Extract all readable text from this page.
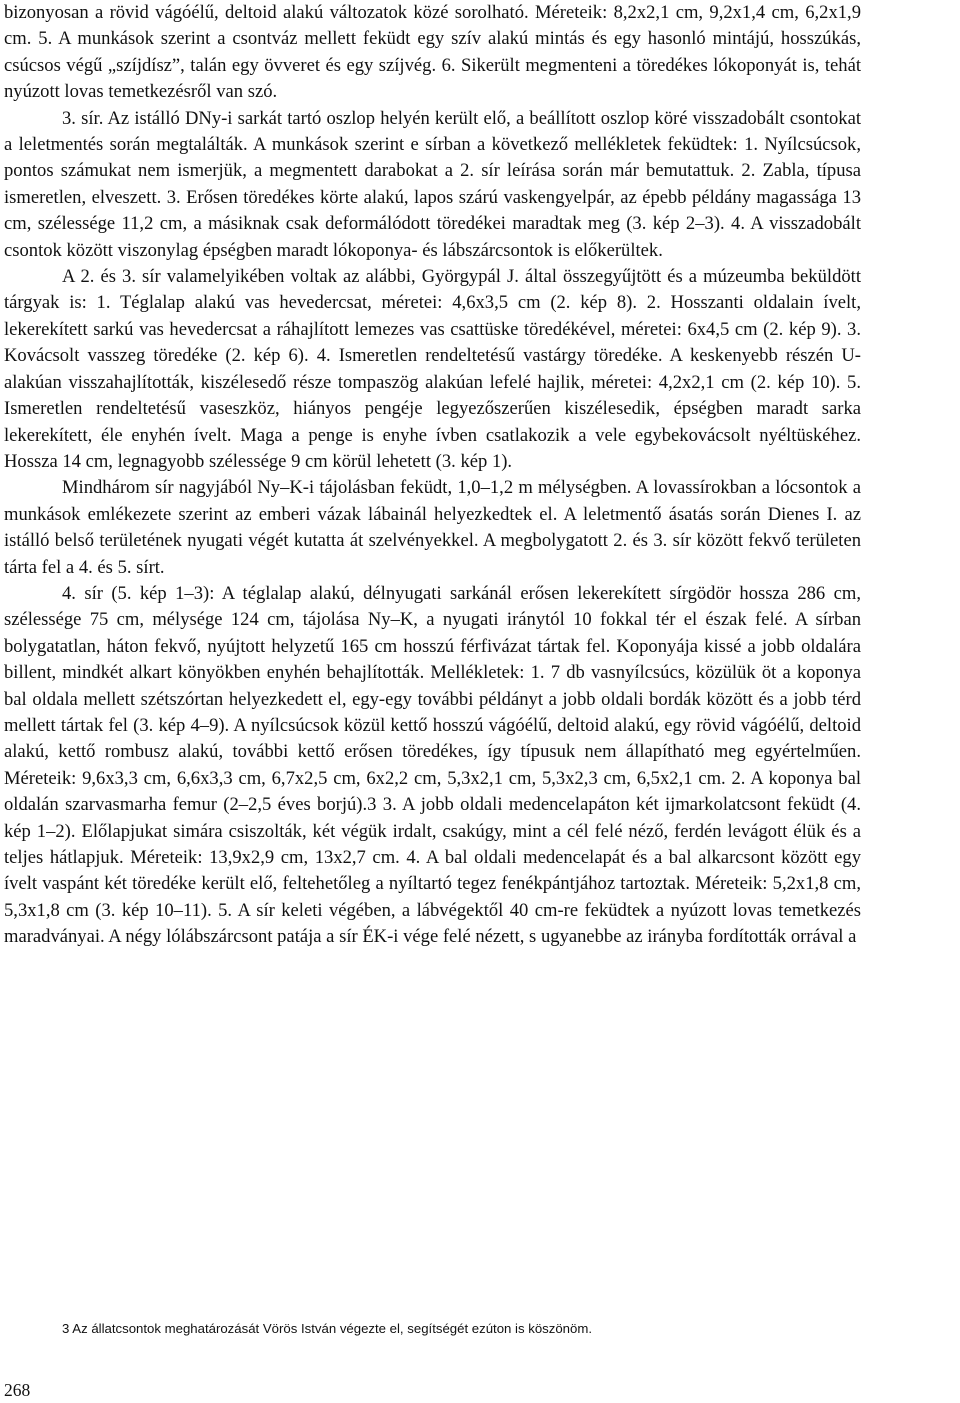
bizonyosan a rövid vágóélű, deltoid alakú változatok közé sorolható. Méreteik: 8,2x2,1 cm, 9,2x1,4 cm, 6,2x1,9 cm. 5. A munkások szerint a csontváz mellett feküdt egy szív alakú mintás és egy hasonló mintájú, hosszúkás, csúcsos végű „szíjdísz”, talán egy övveret és egy szíjvég. 6. Sikerült megmenteni a töredékes lókoponyát is, tehát nyúzott lovas temetkezésről van szó.

3. sír. Az istálló DNy-i sarkát tartó oszlop helyén került elő, a beállított oszlop köré visszadobált csontokat a leletmentés során megtalálták. A munkások szerint e sírban a következő mellékletek feküdtek: 1. Nyílcsúcsok, pontos számukat nem ismerjük, a megmentett darabokat a 2. sír leírása során már bemutattuk. 2. Zabla, típusa ismeretlen, elveszett. 3. Erősen töredékes körte alakú, lapos szárú vaskengyelpár, az épebb példány magassága 13 cm, szélessége 11,2 cm, a másiknak csak deformálódott töredékei maradtak meg (3. kép 2–3). 4. A visszadobált csontok között viszonylag épségben maradt lókoponya- és lábszárcsontok is előkerültek.

A 2. és 3. sír valamelyikében voltak az alábbi, Györgypál J. által összegyűjtött és a múzeumba beküldött tárgyak is: 1. Téglalap alakú vas hevedercsat, méretei: 4,6x3,5 cm (2. kép 8). 2. Hosszanti oldalain ívelt, lekerekített sarkú vas hevedercsat a ráhajlított lemezes vas csattüske töredékével, méretei: 6x4,5 cm (2. kép 9). 3. Kovácsolt vasszeg töredéke (2. kép 6). 4. Ismeretlen rendeltetésű vastárgy töredéke. A keskenyebb részén U-alakúan visszahajlították, kiszélesedő része tompaszög alakúan lefelé hajlik, méretei: 4,2x2,1 cm (2. kép 10). 5. Ismeretlen rendeltetésű vaseszköz, hiányos pengéje legyezőszerűen kiszélesedik, épségben maradt sarka lekerekített, éle enyhén ívelt. Maga a penge is enyhe ívben csatlakozik a vele egybekovácsolt nyéltüskéhez. Hossza 14 cm, legnagyobb szélessége 9 cm körül lehetett (3. kép 1).

Mindhárom sír nagyjából Ny–K-i tájolásban feküdt, 1,0–1,2 m mélységben. A lovassírokban a lócsontok a munkások emlékezete szerint az emberi vázak lábainál helyezkedtek el. A leletmentő ásatás során Dienes I. az istálló belső területének nyugati végét kutatta át szelvényekkel. A megbolygatott 2. és 3. sír között fekvő területen tárta fel a 4. és 5. sírt.

4. sír (5. kép 1–3): A téglalap alakú, délnyugati sarkánál erősen lekerekített sírgödör hossza 286 cm, szélessége 75 cm, mélysége 124 cm, tájolása Ny–K, a nyugati iránytól 10 fokkal tér el észak felé. A sírban bolygatatlan, háton fekvő, nyújtott helyzetű 165 cm hosszú férfivázat tártak fel. Koponyája kissé a jobb oldalára billent, mindkét alkart könyökben enyhén behajlították. Mellékletek: 1. 7 db vasnyílcsúcs, közülük öt a koponya bal oldala mellett szétszórtan helyezkedett el, egy-egy további példányt a jobb oldali bordák között és a jobb térd mellett tártak fel (3. kép 4–9). A nyílcsúcsok közül kettő hosszú vágóélű, deltoid alakú, egy rövid vágóélű, deltoid alakú, kettő rombusz alakú, további kettő erősen töredékes, így típusuk nem állapítható meg egyértelműen. Méreteik: 9,6x3,3 cm, 6,6x3,3 cm, 6,7x2,5 cm, 6x2,2 cm, 5,3x2,1 cm, 5,3x2,3 cm, 6,5x2,1 cm. 2. A koponya bal oldalán szarvasmarha femur (2–2,5 éves borjú).3 3. A jobb oldali medencelapáton két ijmarkolatcsont feküdt (4. kép 1–2). Előlapjukat simára csiszolták, két végük irdalt, csakúgy, mint a cél felé néző, ferdén levágott élük és a teljes hátlapjuk. Méreteik: 13,9x2,9 cm, 13x2,7 cm. 4. A bal oldali medencelapát és a bal alkarcsont között egy ívelt vaspánt két töredéke került elő, feltehetőleg a nyíltartó tegez fenékpántjához tartoztak. Méreteik: 5,2x1,8 cm, 5,3x1,8 cm (3. kép 10–11). 5. A sír keleti végében, a lábvégektől 40 cm-re feküdtek a nyúzott lovas temetkezés maradványai. A négy lólábszárcsont patája a sír ÉK-i vége felé nézett, s ugyanebbe az irányba fordították orrával a

3 Az állatcsontok meghatározását Vörös István végezte el, segítségét ezúton is köszönöm.
268
